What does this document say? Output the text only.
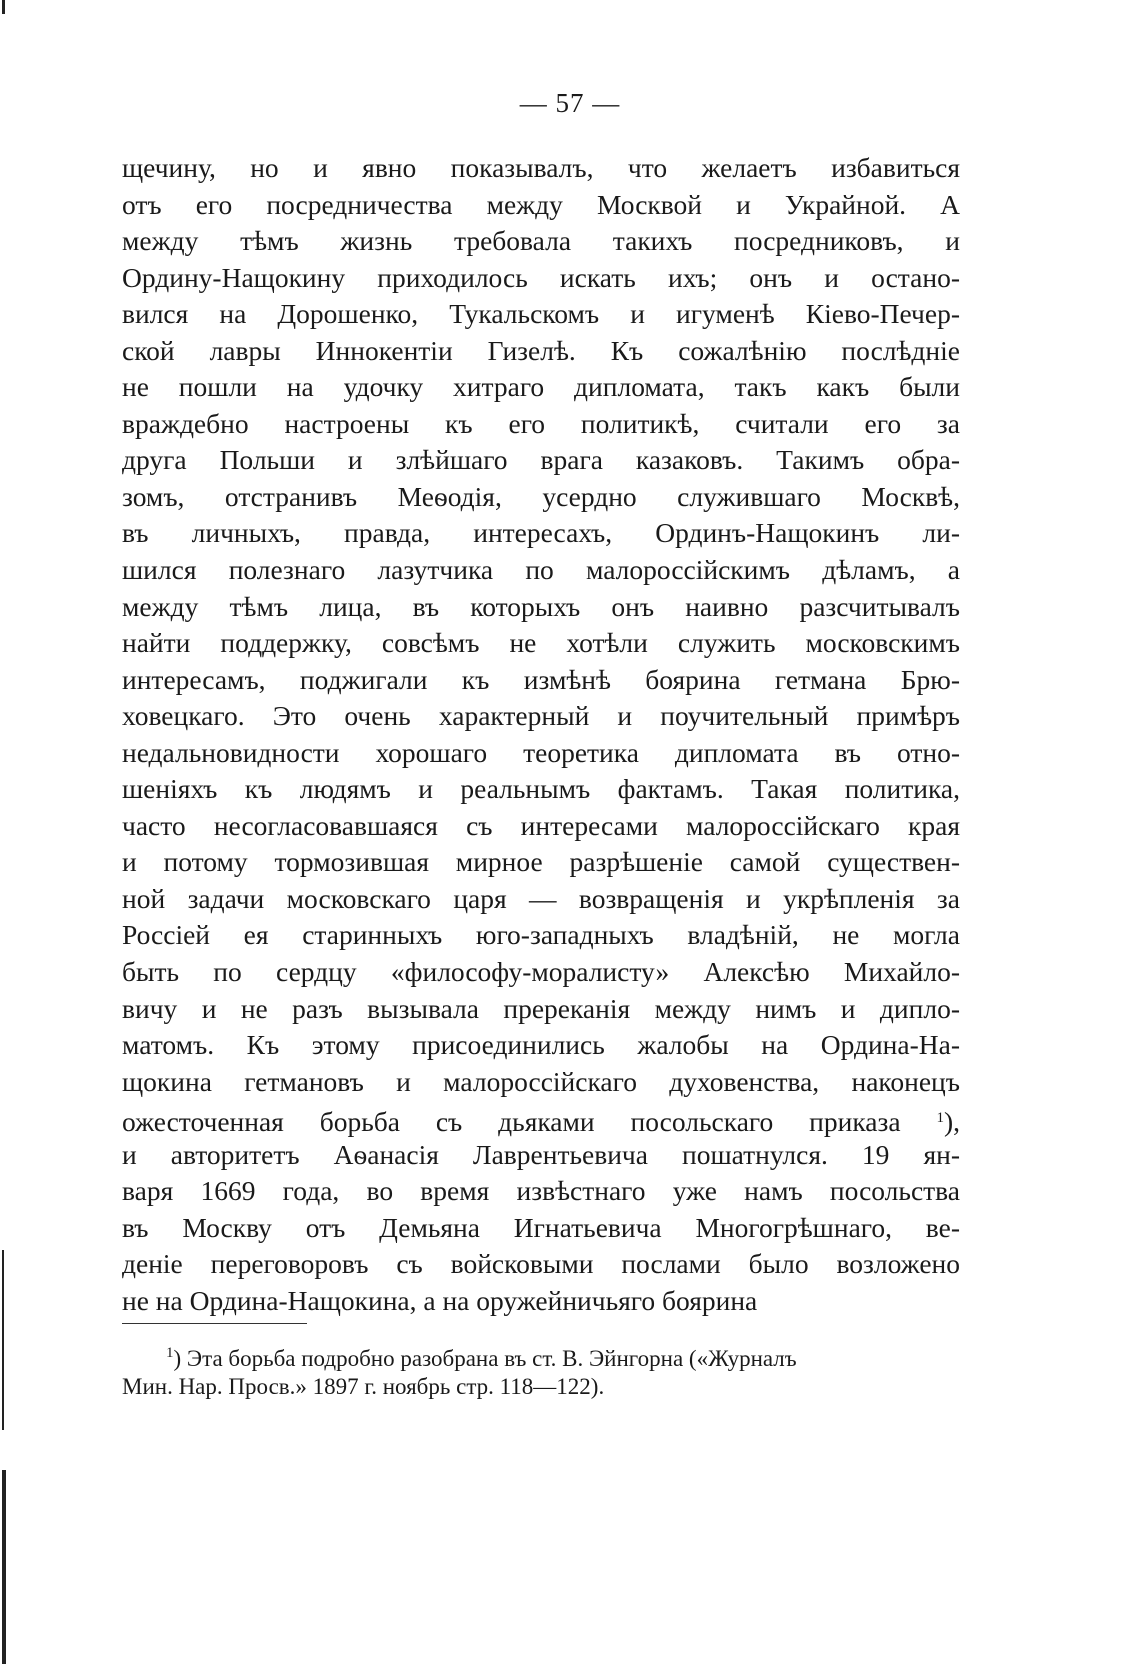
— 57 —
щечину, но и явно показывалъ, что желаетъ избавиться
отъ его посредничества между Москвой и Украйной. А
между тѣмъ жизнь требовала такихъ посредниковъ, и
Ордину-Нащокину приходилось искать ихъ; онъ и остано-
вился на Дорошенко, Тукальскомъ и игуменѣ Кіево-Печер-
ской лавры Иннокентіи Гизелѣ. Къ сожалѣнію послѣдніе
не пошли на удочку хитраго дипломата, такъ какъ были
враждебно настроены къ его политикѣ, считали его за
друга Польши и злѣйшаго врага казаковъ. Такимъ обра-
зомъ, отстранивъ Меѳодія, усердно служившаго Москвѣ,
въ личныхъ, правда, интересахъ, Ординъ-Нащокинъ ли-
шился полезнаго лазутчика по малороссійскимъ дѣламъ, а
между тѣмъ лица, въ которыхъ онъ наивно разсчитывалъ
найти поддержку, совсѣмъ не хотѣли служить московскимъ
интересамъ, поджигали къ измѣнѣ боярина гетмана Брю-
ховецкаго. Это очень характерный и поучительный примѣръ
недальновидности хорошаго теоретика дипломата въ отно-
шеніяхъ къ людямъ и реальнымъ фактамъ. Такая политика,
часто несогласовавшаяся съ интересами малороссійскаго края
и потому тормозившая мирное разрѣшеніе самой существен-
ной задачи московскаго царя — возвращенія и укрѣпленія за
Россіей ея старинныхъ юго-западныхъ владѣній, не могла
быть по сердцу «философу-моралисту» Алексѣю Михайло-
вичу и не разъ вызывала пререканія между нимъ и дипло-
матомъ. Къ этому присоединились жалобы на Ордина-На-
щокина гетмановъ и малороссійскаго духовенства, наконецъ
ожесточенная борьба съ дьяками посольскаго приказа $^1$),
и авторитетъ Аѳанасія Лаврентьевича пошатнулся. 19 ян-
варя 1669 года, во время извѣстнаго уже намъ посольства
въ Москву отъ Демьяна Игнатьевича Многогрѣшнаго, ве-
деніе переговоровъ съ войсковыми послами было возложено
не на Ордина-Нащокина, а на оружейничьяго боярина
$^1$) Эта борьба подробно разобрана въ ст. В. Эйнгорна («Журналъ
Мин. Нар. Просв.» 1897 г. ноябрь стр. 118—122).
